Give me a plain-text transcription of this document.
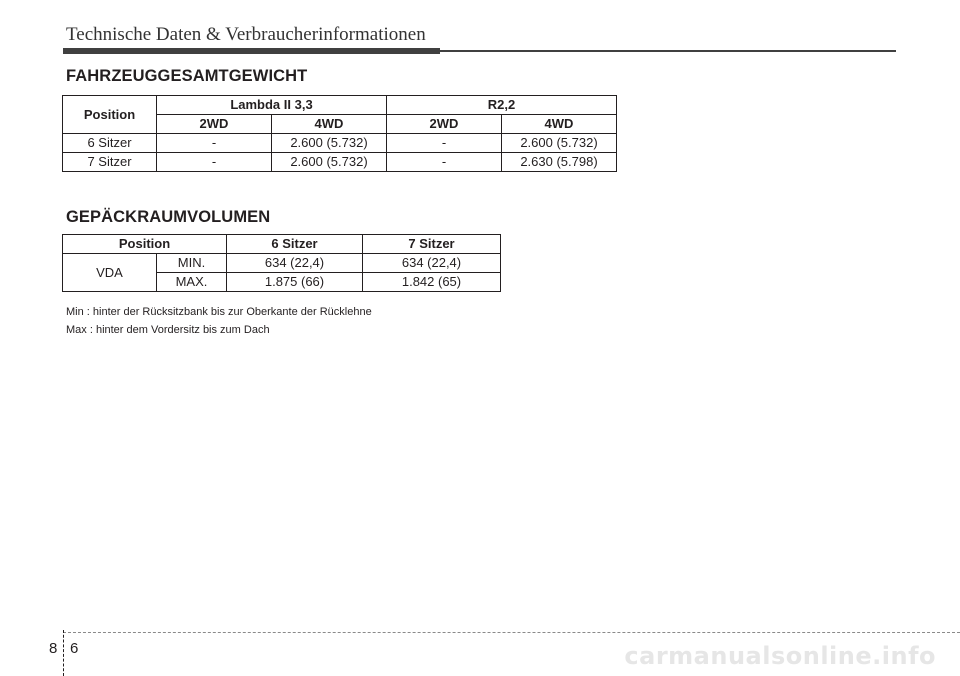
Technische Daten & Verbraucherinformationen
FAHRZEUGGESAMTGEWICHT
Position	Lambda II 3,3		R2,2	
	2WD	4WD	2WD	4WD
6 Sitzer	-	2.600 (5.732)	-	2.600 (5.732)
7 Sitzer	-	2.600 (5.732)	-	2.630 (5.798)
GEPÄCKRAUMVOLUMEN
Position		6 Sitzer	7 Sitzer
VDA	MIN.	634 (22,4)	634 (22,4)
	MAX.	1.875 (66)	1.842 (65)
Min : hinter der Rücksitzbank bis zur Oberkante der Rücklehne
Max : hinter dem Vordersitz bis zum Dach
8 6	carmanualsonline.info
